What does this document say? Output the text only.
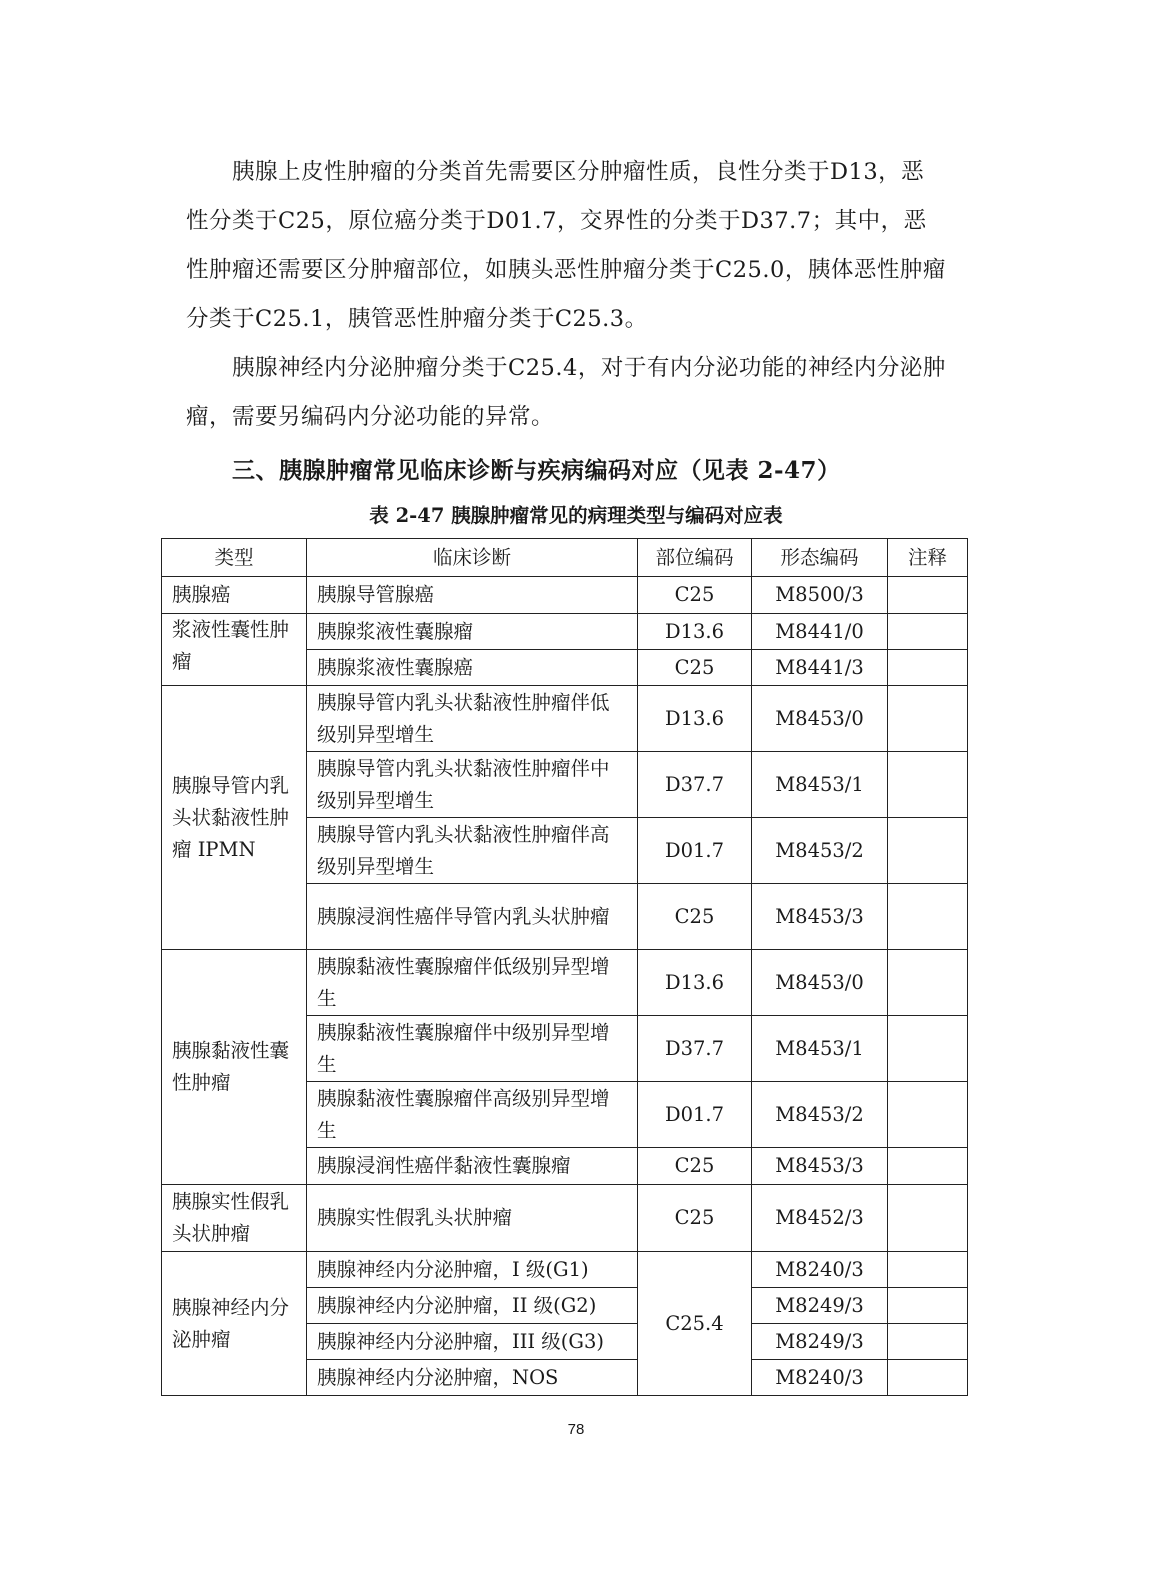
胰腺上皮性肿瘤的分类首先需要区分肿瘤性质，良性分类于D13，恶性分类于C25，原位癌分类于D01.7，交界性的分类于D37.7；其中，恶性肿瘤还需要区分肿瘤部位，如胰头恶性肿瘤分类于C25.0，胰体恶性肿瘤分类于C25.1，胰管恶性肿瘤分类于C25.3。

胰腺神经内分泌肿瘤分类于C25.4，对于有内分泌功能的神经内分泌肿瘤，需要另编码内分泌功能的异常。

三、胰腺肿瘤常见临床诊断与疾病编码对应（见表 2-47）

表 2-47 胰腺肿瘤常见的病理类型与编码对应表

类型	临床诊断	部位编码	形态编码	注释
胰腺癌	胰腺导管腺癌	C25	M8500/3	
浆液性囊性肿瘤	胰腺浆液性囊腺瘤	D13.6	M8441/0	
	胰腺浆液性囊腺癌	C25	M8441/3	
胰腺导管内乳头状黏液性肿瘤 IPMN	胰腺导管内乳头状黏液性肿瘤伴低级别异型增生	D13.6	M8453/0	
	胰腺导管内乳头状黏液性肿瘤伴中级别异型增生	D37.7	M8453/1	
	胰腺导管内乳头状黏液性肿瘤伴高级别异型增生	D01.7	M8453/2	
	胰腺浸润性癌伴导管内乳头状肿瘤	C25	M8453/3	
胰腺黏液性囊性肿瘤	胰腺黏液性囊腺瘤伴低级别异型增生	D13.6	M8453/0	
	胰腺黏液性囊腺瘤伴中级别异型增生	D37.7	M8453/1	
	胰腺黏液性囊腺瘤伴高级别异型增生	D01.7	M8453/2	
	胰腺浸润性癌伴黏液性囊腺瘤	C25	M8453/3	
胰腺实性假乳头状肿瘤	胰腺实性假乳头状肿瘤	C25	M8452/3	
胰腺神经内分泌肿瘤	胰腺神经内分泌肿瘤，I 级(G1)	C25.4	M8240/3	
	胰腺神经内分泌肿瘤，II 级(G2)		M8249/3	
	胰腺神经内分泌肿瘤，III 级(G3)		M8249/3	
	胰腺神经内分泌肿瘤，NOS		M8240/3	

78
